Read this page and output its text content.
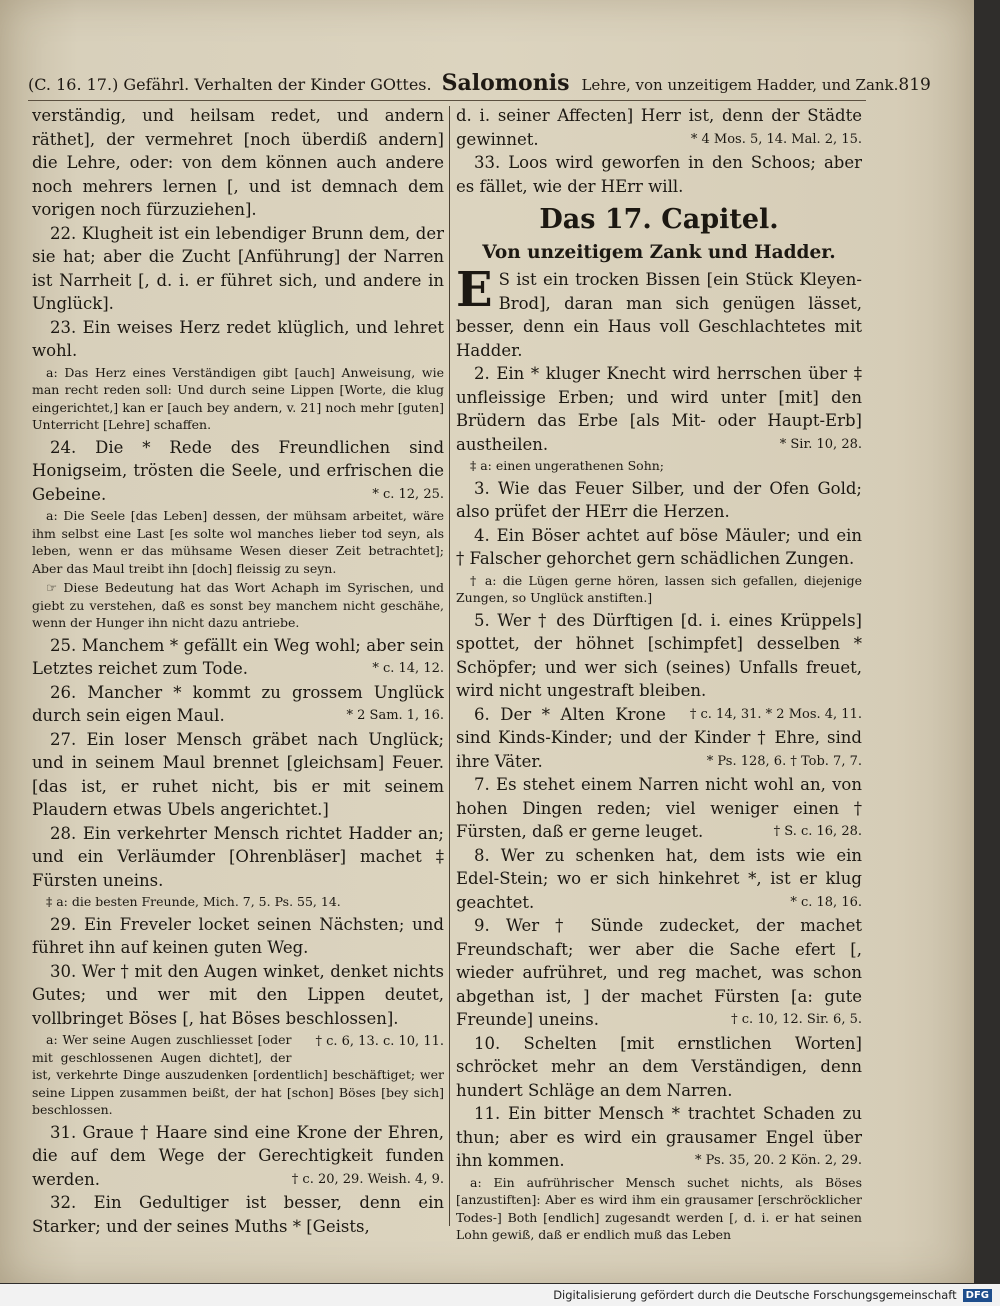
(C. 16. 17.) Gefährl. Verhalten der Kinder GOttes. Salomonis Lehre, von unzeitigem Hadder, und Zank. 819

verständig, und heilsam redet, und andern räthet], der vermehret [noch überdiß andern] die Lehre, oder: von dem können auch andere noch mehrers lernen [, und ist demnach dem vorigen noch fürzuziehen].

22. Klugheit ist ein lebendiger Brunn dem, der sie hat; aber die Zucht [Anführung] der Narren ist Narrheit [, d. i. er führet sich, und andere in Unglück].

23. Ein weises Herz redet klüglich, und lehret wohl.

a: Das Herz eines Verständigen gibt [auch] Anweisung, wie man recht reden soll: Und durch seine Lippen [Worte, die klug eingerichtet,] kan er [auch bey andern, v. 21] noch mehr [guten] Unterricht [Lehre] schaffen.

24. Die * Rede des Freundlichen sind Honigseim, trösten die Seele, und erfrischen die Gebeine.	* c. 12, 25.

a: Die Seele [das Leben] dessen, der mühsam arbeitet, wäre ihm selbst eine Last [es solte wol manches lieber tod seyn, als leben, wenn er das mühsame Wesen dieser Zeit betrachtet]; Aber das Maul treibt ihn [doch] fleissig zu seyn.

☞ Diese Bedeutung hat das Wort Achaph im Syrischen, und giebt zu verstehen, daß es sonst bey manchem nicht geschähe, wenn der Hunger ihn nicht dazu antriebe.

25. Manchem * gefällt ein Weg wohl; aber sein Letztes reichet zum Tode.	* c. 14, 12.

26. Mancher * kommt zu grossem Unglück durch sein eigen Maul.	* 2 Sam. 1, 16.

27. Ein loser Mensch gräbet nach Unglück; und in seinem Maul brennet [gleichsam] Feuer. [das ist, er ruhet nicht, bis er mit seinem Plaudern etwas Ubels angerichtet.]

28. Ein verkehrter Mensch richtet Hadder an; und ein Verläumder [Ohrenbläser] machet ‡ Fürsten uneins.

‡ a: die besten Freunde, Mich. 7, 5. Ps. 55, 14.

29. Ein Freveler locket seinen Nächsten; und führet ihn auf keinen guten Weg.

30. Wer † mit den Augen winket, denket nichts Gutes; und wer mit den Lippen deutet, vollbringet Böses [, hat Böses beschlossen].
† c. 6, 13. c. 10, 11.

a: Wer seine Augen zuschliesset [oder mit geschlossenen Augen dichtet], der ist, verkehrte Dinge auszudenken [ordentlich] beschäftiget; wer seine Lippen zusammen beißt, der hat [schon] Böses [bey sich] beschlossen.

31. Graue † Haare sind eine Krone der Ehren, die auf dem Wege der Gerechtigkeit funden werden.	† c. 20, 29. Weish. 4, 9.

32. Ein Gedultiger ist besser, denn ein Starker; und der seines Muths * [Geists,

d. i. seiner Affecten] Herr ist, denn der Städte gewinnet.	* 4 Mos. 5, 14. Mal. 2, 15.

33. Loos wird geworfen in den Schoos; aber es fället, wie der HErr will.

Das 17. Capitel.
Von unzeitigem Zank und Hadder.

E S ist ein trocken Bissen [ein Stück Kleyen-Brod], daran man sich genügen lässet, besser, denn ein Haus voll Geschlachtetes mit Hadder.

2. Ein * kluger Knecht wird herrschen über ‡ unfleissige Erben; und wird unter [mit] den Brüdern das Erbe [als Mit- oder Haupt-Erb] austheilen.	* Sir. 10, 28.

‡ a: einen ungerathenen Sohn;

3. Wie das Feuer Silber, und der Ofen Gold; also prüfet der HErr die Herzen.

4. Ein Böser achtet auf böse Mäuler; und ein † Falscher gehorchet gern schädlichen Zungen.

† a: die Lügen gerne hören, lassen sich gefallen, diejenige Zungen, so Unglück anstiften.]

5. Wer † des Dürftigen [d. i. eines Krüppels] spottet, der höhnet [schimpfet] desselben * Schöpfer; und wer sich (seines) Unfalls freuet, wird nicht ungestraft bleiben.
† c. 14, 31. * 2 Mos. 4, 11.

6. Der * Alten Krone sind Kinds-Kinder; und der Kinder † Ehre, sind ihre Väter.	* Ps. 128, 6. † Tob. 7, 7.

7. Es stehet einem Narren nicht wohl an, von hohen Dingen reden; viel weniger einen † Fürsten, daß er gerne leuget.	† S. c. 16, 28.

8. Wer zu schenken hat, dem ists wie ein Edel-Stein; wo er sich hinkehret *, ist er klug geachtet.	* c. 18, 16.

9. Wer † Sünde zudecket, der machet Freundschaft; wer aber die Sache efert [, wieder aufrühret, und reg machet, was schon abgethan ist, ] der machet Fürsten [a: gute Freunde] uneins.	† c. 10, 12. Sir. 6, 5.

10. Schelten [mit ernstlichen Worten] schröcket mehr an dem Verständigen, denn hundert Schläge an dem Narren.

11. Ein bitter Mensch * trachtet Schaden zu thun; aber es wird ein grausamer Engel über ihn kommen.	* Ps. 35, 20. 2 Kön. 2, 29.

a: Ein aufrührischer Mensch suchet nichts, als Böses [anzustiften]: Aber es wird ihm ein grausamer [erschröcklicher Todes-] Both [endlich] zugesandt werden [, d. i. er hat seinen Lohn gewiß, daß er endlich muß das Leben

Digitalisierung gefördert durch die Deutsche Forschungsgemeinschaft DFG
